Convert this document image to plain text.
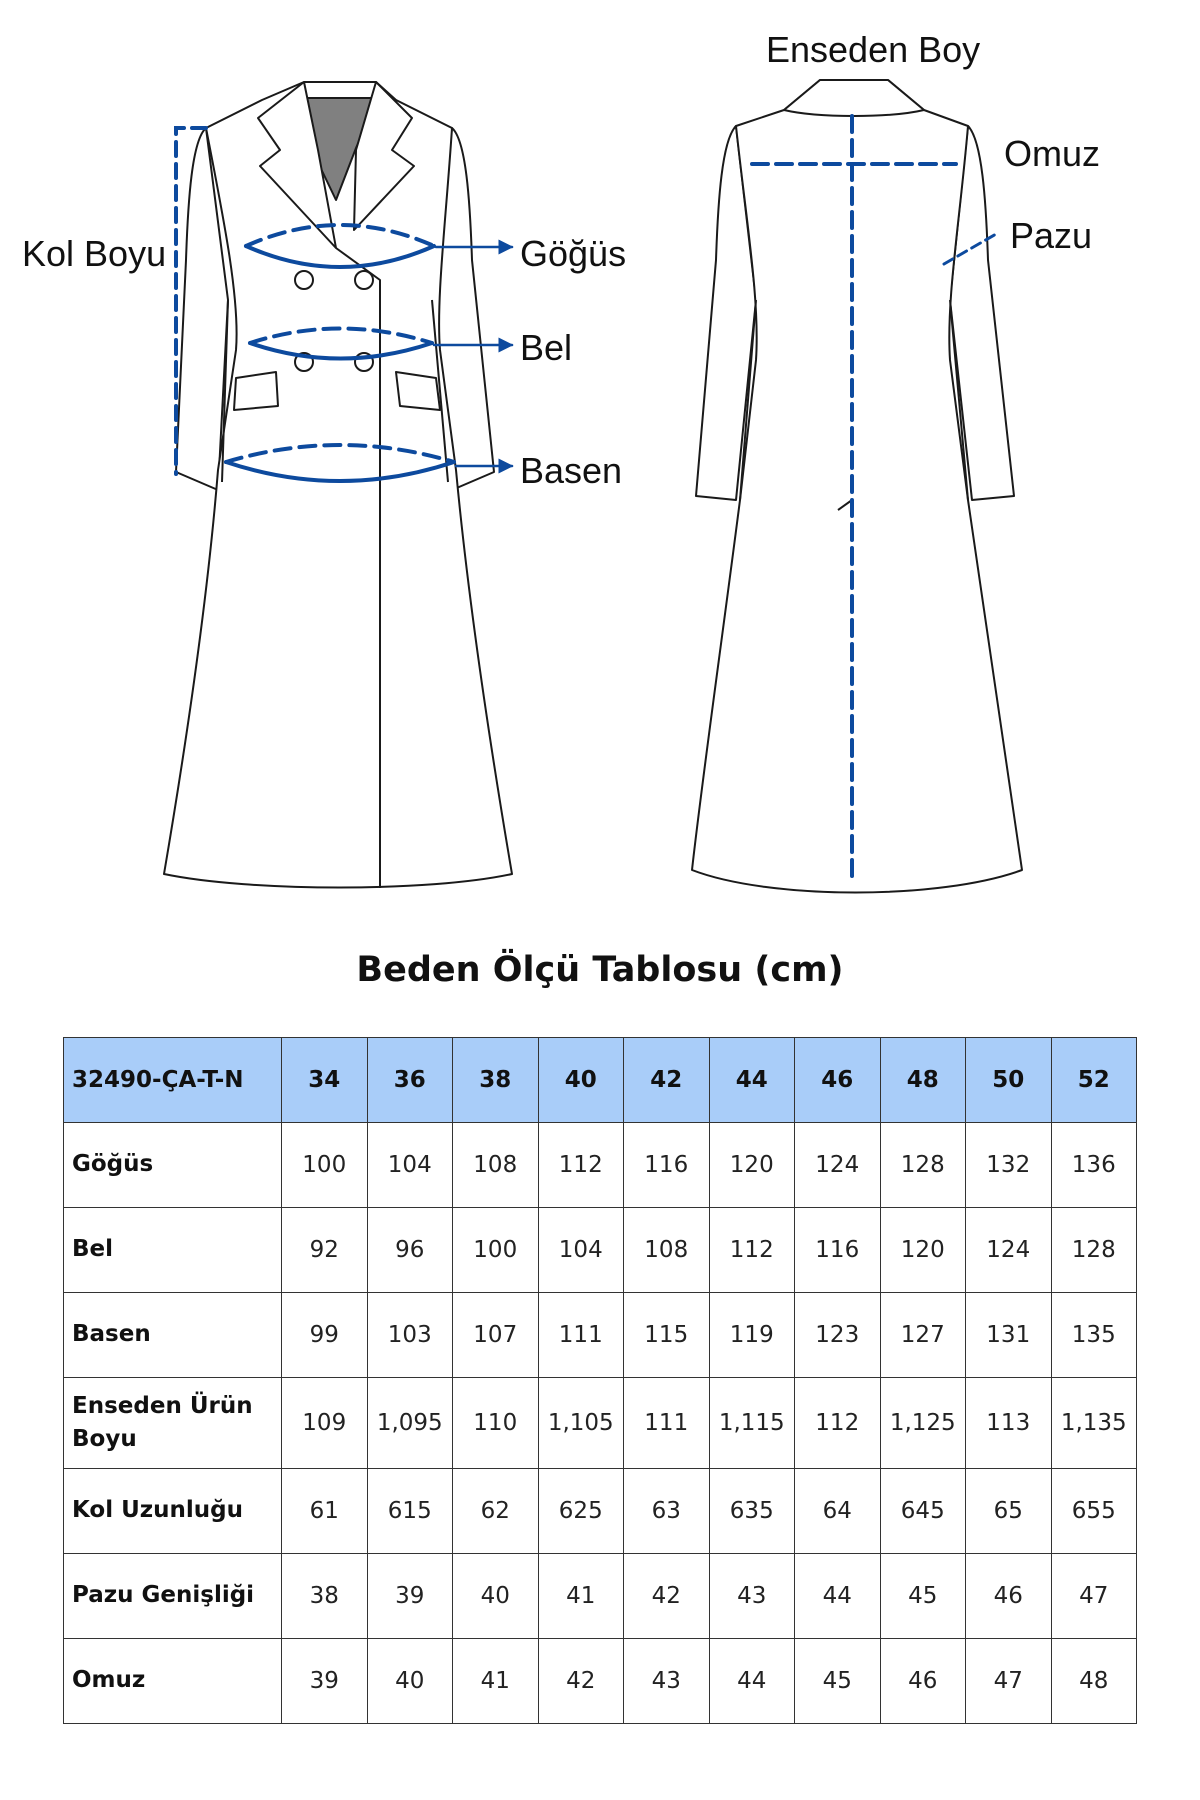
Kol Boyu	Göğüs
Bel
Basen
Enseden Boy
Omuz
Pazu
Beden Ölçü Tablosu (cm)
32490-ÇA-T-N	34	36	38	40	42	44	46	48	50	52
Göğüs	100	104	108	112	116	120	124	128	132	136
Bel	92	96	100	104	108	112	116	120	124	128
Basen	99	103	107	111	115	119	123	127	131	135
Enseden Ürün Boyu	109	1,095	110	1,105	111	1,115	112	1,125	113	1,135
Kol Uzunluğu	61	615	62	625	63	635	64	645	65	655
Pazu Genişliği	38	39	40	41	42	43	44	45	46	47
Omuz	39	40	41	42	43	44	45	46	47	48
